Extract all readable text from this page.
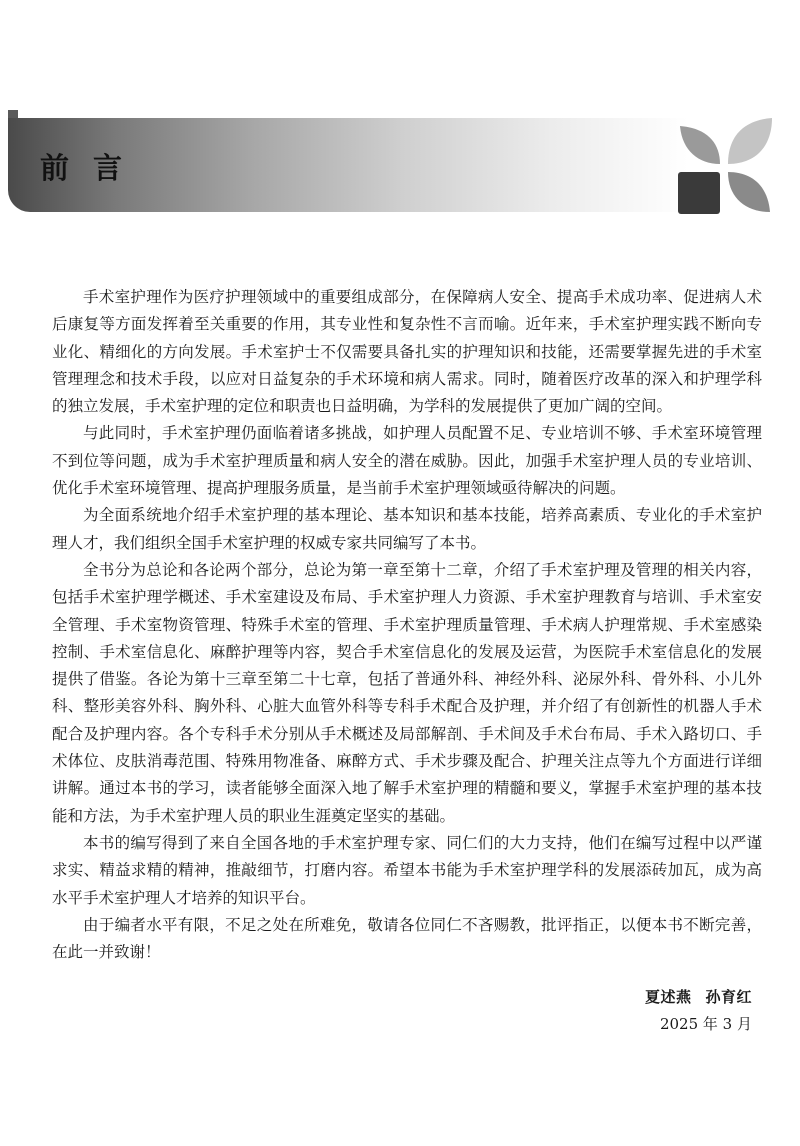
前言

手术室护理作为医疗护理领域中的重要组成部分，在保障病人安全、提高手术成功率、促进病人术后康复等方面发挥着至关重要的作用，其专业性和复杂性不言而喻。近年来，手术室护理实践不断向专业化、精细化的方向发展。手术室护士不仅需要具备扎实的护理知识和技能，还需要掌握先进的手术室管理理念和技术手段，以应对日益复杂的手术环境和病人需求。同时，随着医疗改革的深入和护理学科的独立发展，手术室护理的定位和职责也日益明确，为学科的发展提供了更加广阔的空间。

与此同时，手术室护理仍面临着诸多挑战，如护理人员配置不足、专业培训不够、手术室环境管理不到位等问题，成为手术室护理质量和病人安全的潜在威胁。因此，加强手术室护理人员的专业培训、优化手术室环境管理、提高护理服务质量，是当前手术室护理领域亟待解决的问题。

为全面系统地介绍手术室护理的基本理论、基本知识和基本技能，培养高素质、专业化的手术室护理人才，我们组织全国手术室护理的权威专家共同编写了本书。

全书分为总论和各论两个部分，总论为第一章至第十二章，介绍了手术室护理及管理的相关内容，包括手术室护理学概述、手术室建设及布局、手术室护理人力资源、手术室护理教育与培训、手术室安全管理、手术室物资管理、特殊手术室的管理、手术室护理质量管理、手术病人护理常规、手术室感染控制、手术室信息化、麻醉护理等内容，契合手术室信息化的发展及运营，为医院手术室信息化的发展提供了借鉴。各论为第十三章至第二十七章，包括了普通外科、神经外科、泌尿外科、骨外科、小儿外科、整形美容外科、胸外科、心脏大血管外科等专科手术配合及护理，并介绍了有创新性的机器人手术配合及护理内容。各个专科手术分别从手术概述及局部解剖、手术间及手术台布局、手术入路切口、手术体位、皮肤消毒范围、特殊用物准备、麻醉方式、手术步骤及配合、护理关注点等九个方面进行详细讲解。通过本书的学习，读者能够全面深入地了解手术室护理的精髓和要义，掌握手术室护理的基本技能和方法，为手术室护理人员的职业生涯奠定坚实的基础。

本书的编写得到了来自全国各地的手术室护理专家、同仁们的大力支持，他们在编写过程中以严谨求实、精益求精的精神，推敲细节，打磨内容。希望本书能为手术室护理学科的发展添砖加瓦，成为高水平手术室护理人才培养的知识平台。

由于编者水平有限，不足之处在所难免，敬请各位同仁不吝赐教，批评指正，以便本书不断完善，在此一并致谢！

夏述燕 孙育红
2025 年 3 月
